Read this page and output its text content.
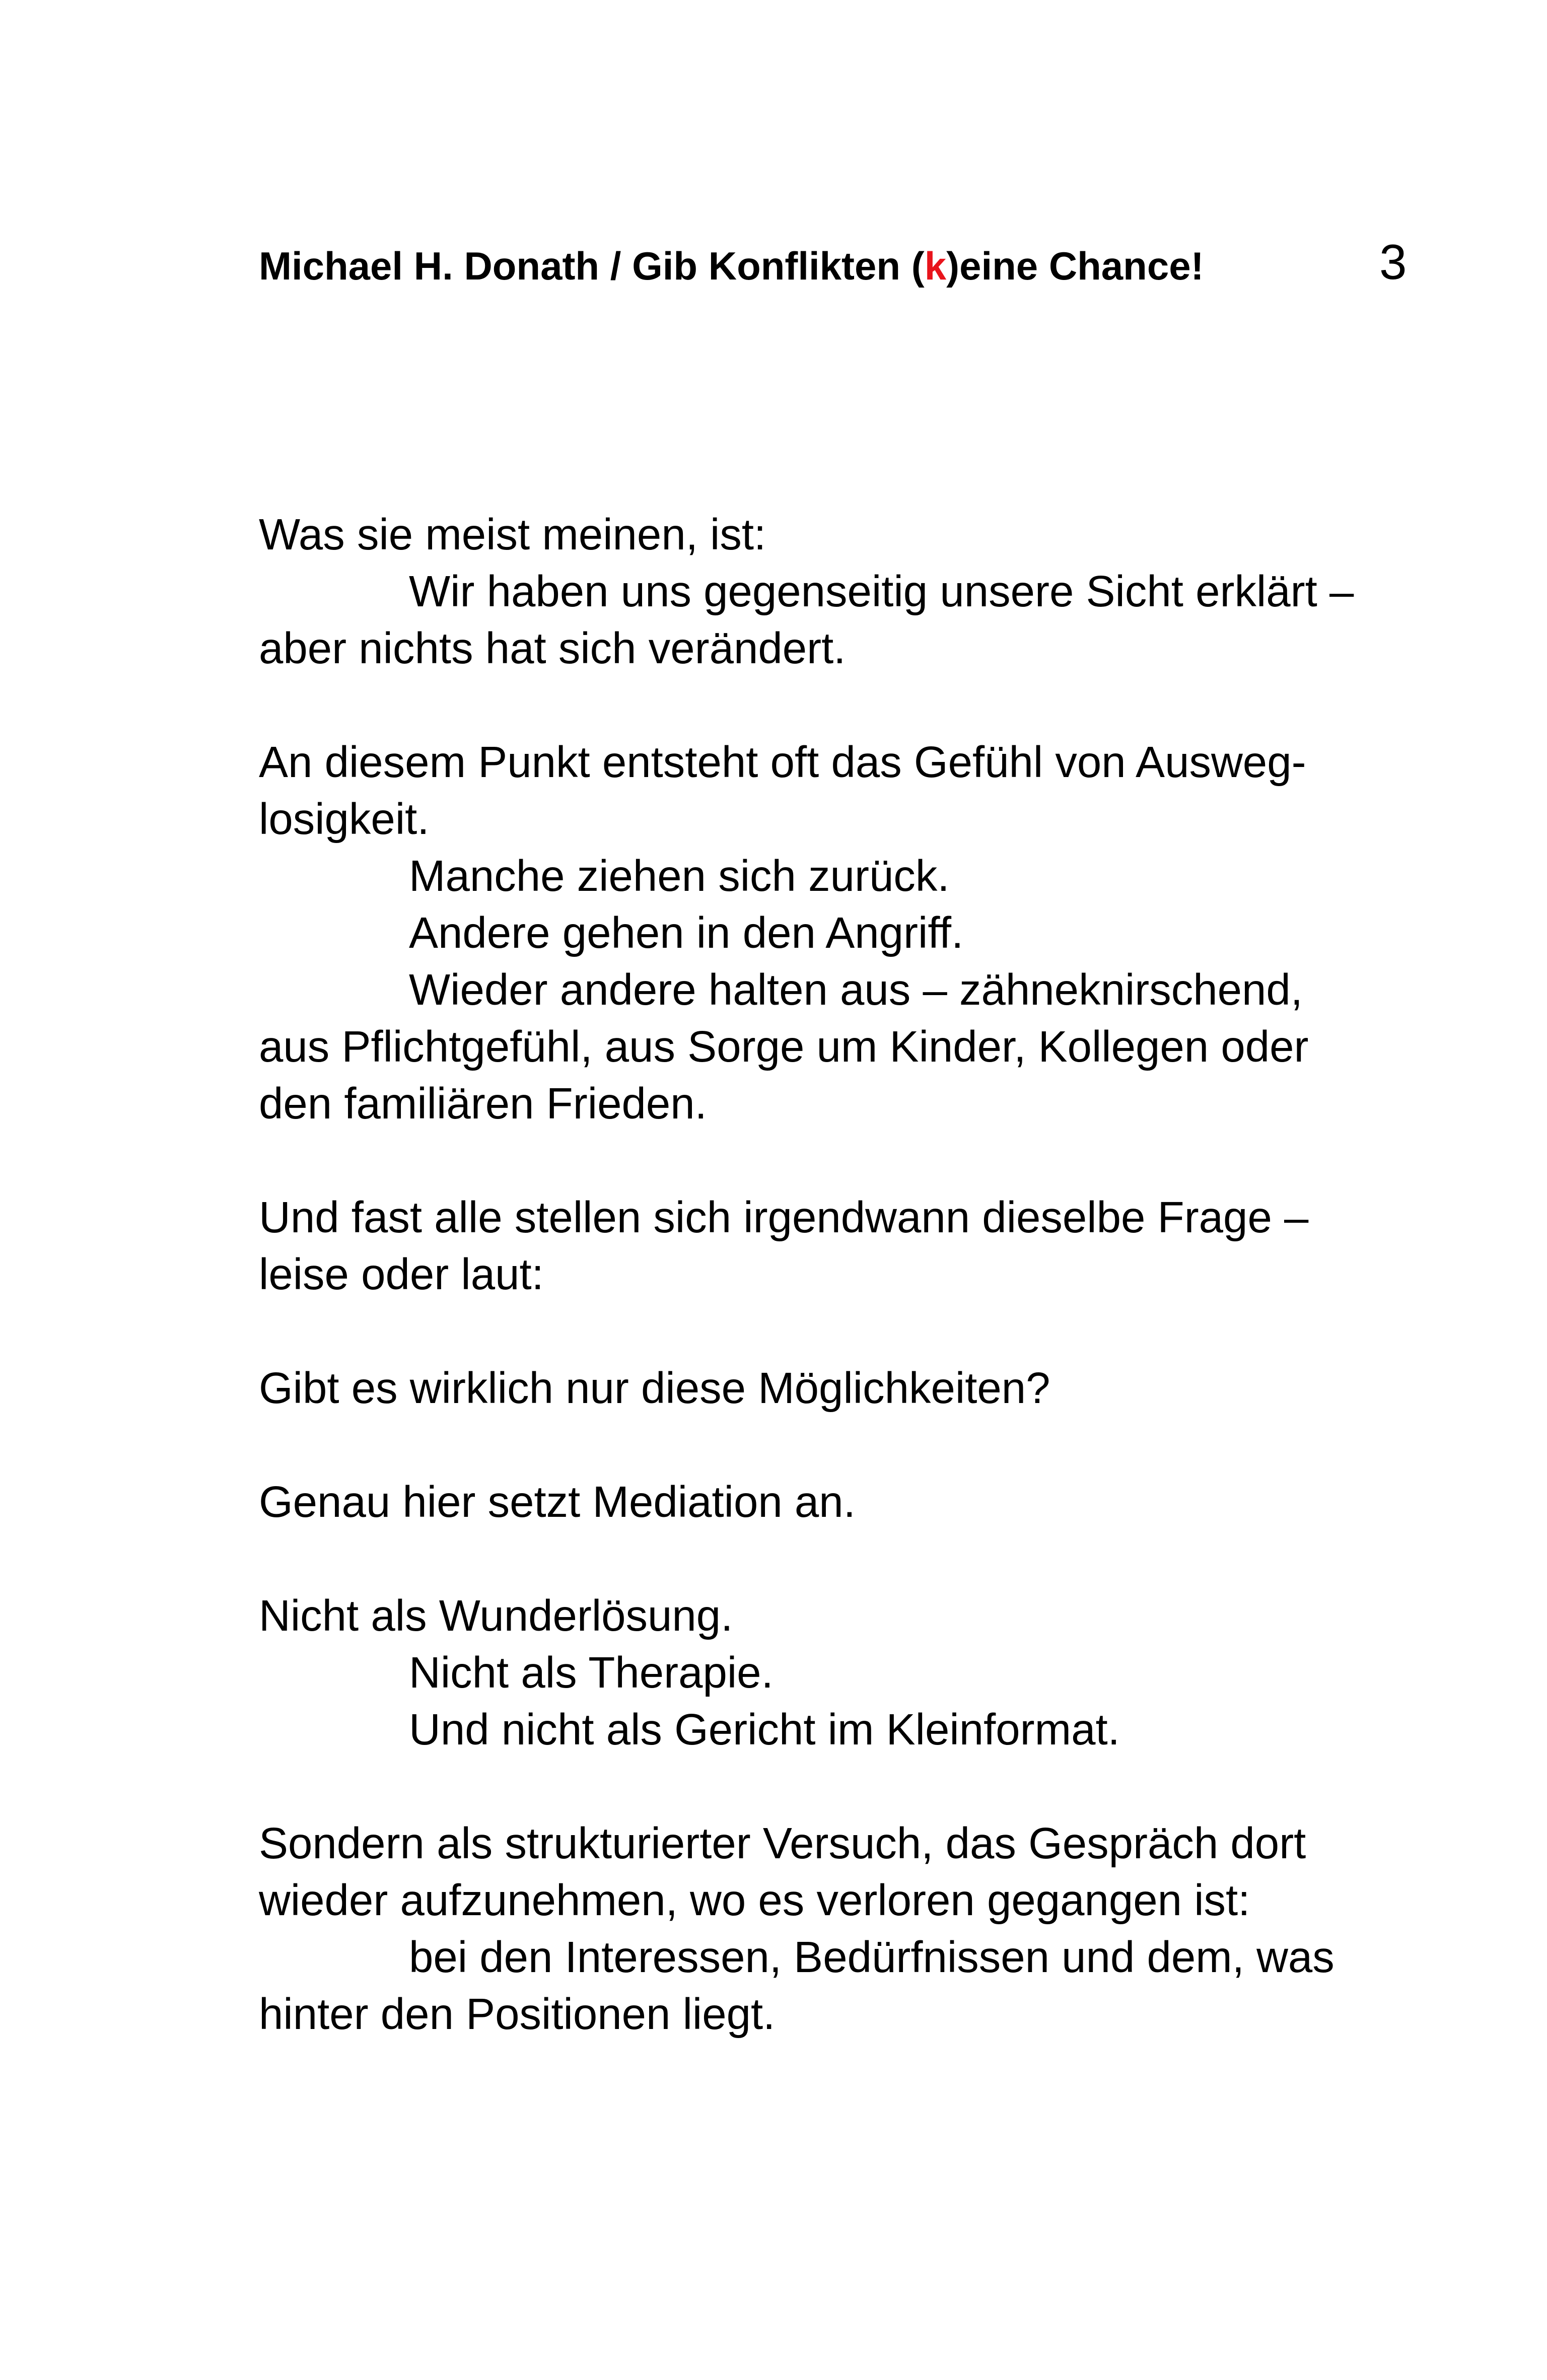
Michael H. Donath / Gib Konflikten (k)eine Chance!	3
Was sie meist meinen, ist:
Wir haben uns gegenseitig unsere Sicht erklärt –
aber nichts hat sich verändert.
An diesem Punkt entsteht oft das Gefühl von Ausweg-
losigkeit.
Manche ziehen sich zurück.
Andere gehen in den Angriff.
Wieder andere halten aus – zähneknirschend,
aus Pflichtgefühl, aus Sorge um Kinder, Kollegen oder
den familiären Frieden.
Und fast alle stellen sich irgendwann dieselbe Frage –
leise oder laut:
Gibt es wirklich nur diese Möglichkeiten?
Genau hier setzt Mediation an.
Nicht als Wunderlösung.
Nicht als Therapie.
Und nicht als Gericht im Kleinformat.
Sondern als strukturierter Versuch, das Gespräch dort
wieder aufzunehmen, wo es verloren gegangen ist:
bei den Interessen, Bedürfnissen und dem, was
hinter den Positionen liegt.
